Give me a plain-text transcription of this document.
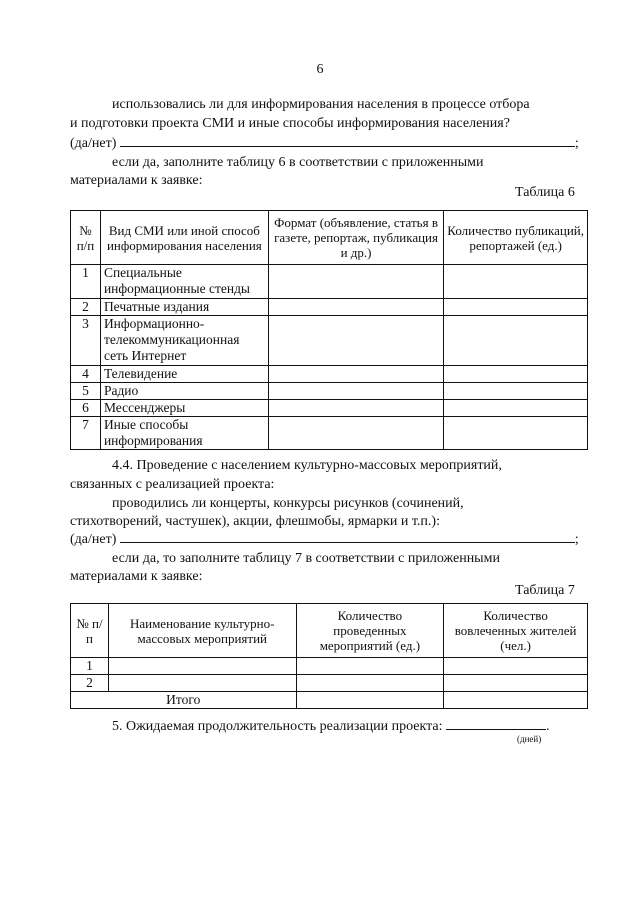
6
использовались ли для информирования населения в процессе отбора
и подготовки проекта СМИ и иные способы информирования населения?
(да/нет)	;
если да, заполните таблицу 6 в соответствии с приложенными
материалами к заявке:
Таблица 6
№ п/п	Вид СМИ или иной способ информирования населения	Формат (объявление, статья в газете, репортаж, публикация и др.)	Количество публикаций, репортажей (ед.)
1	Специальные информационные стенды		
2	Печатные издания		
3	Информационно-телекоммуникационная сеть Интернет		
4	Телевидение		
5	Радио		
6	Мессенджеры		
7	Иные способы информирования		
4.4. Проведение с населением культурно-массовых мероприятий,
связанных с реализацией проекта:
проводились ли концерты, конкурсы рисунков (сочинений,
стихотворений, частушек), акции, флешмобы, ярмарки и т.п.):
(да/нет)	;
если да, то заполните таблицу 7 в соответствии с приложенными
материалами к заявке:
Таблица 7
№ п/п	Наименование культурно-массовых мероприятий	Количество проведенных мероприятий (ед.)	Количество вовлеченных жителей (чел.)
1			
2			
Итого			
5. Ожидаемая продолжительность реализации проекта:	.
(дней)
